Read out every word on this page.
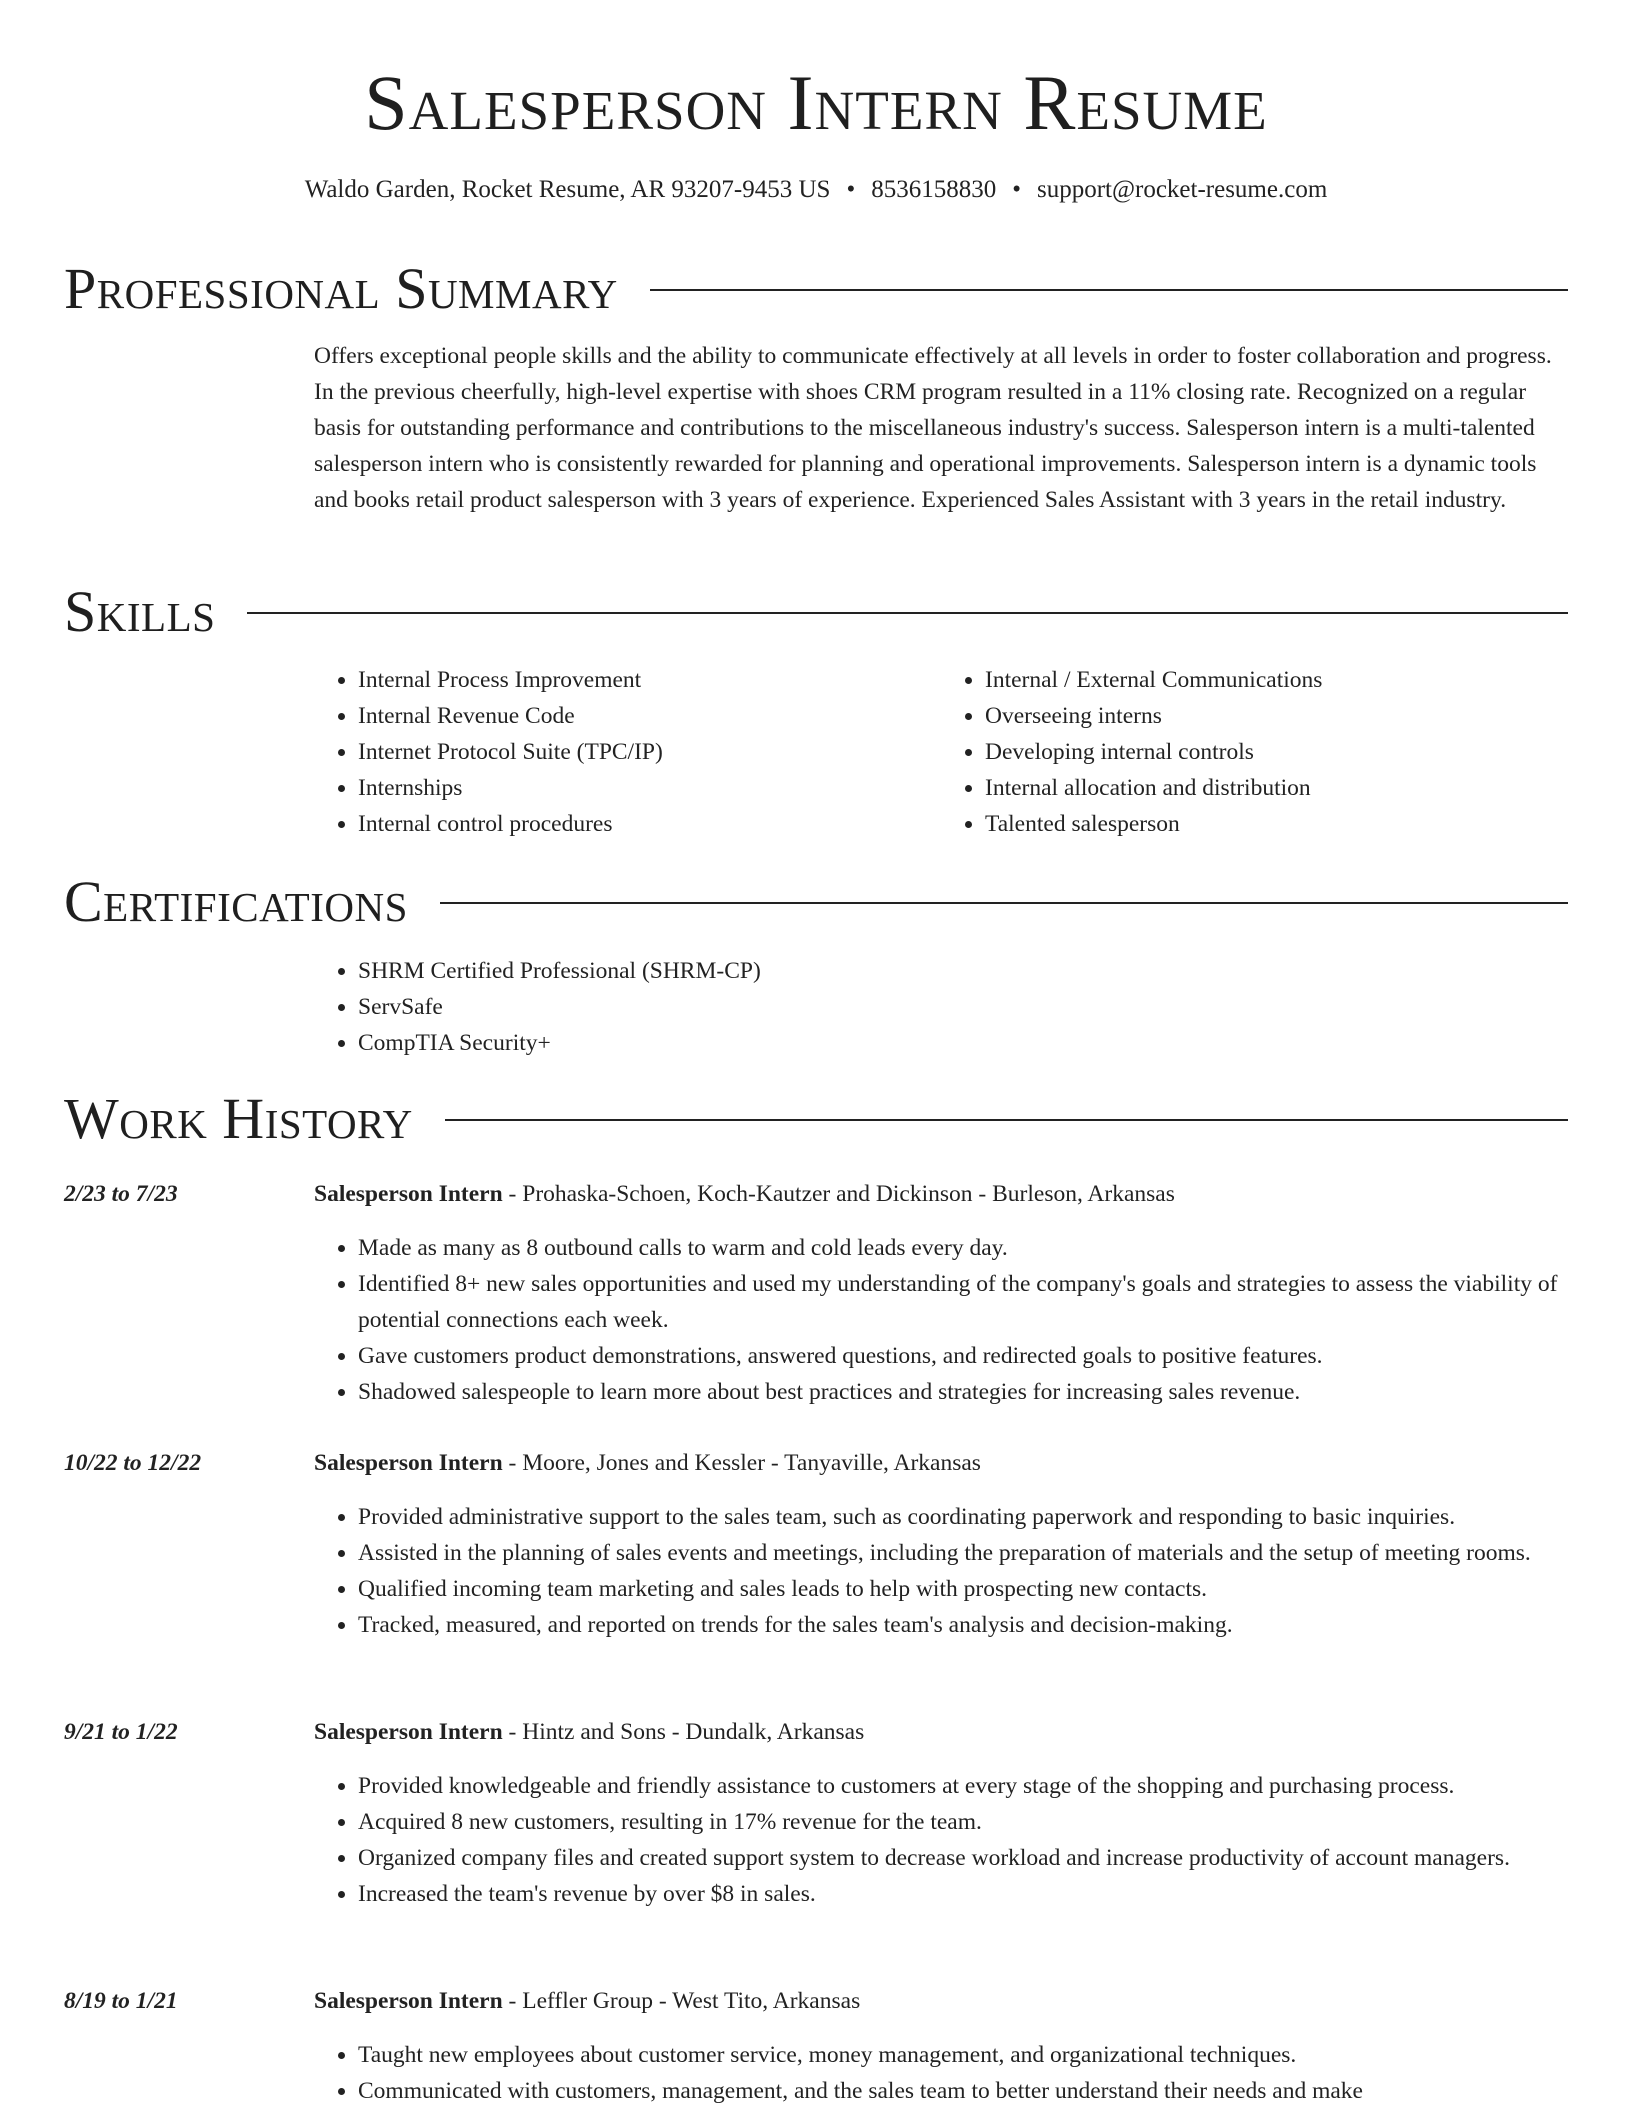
Salesperson Intern Resume
Waldo Garden, Rocket Resume, AR 93207-9453 US • 8536158830 • support@rocket-resume.com
Professional Summary
Offers exceptional people skills and the ability to communicate effectively at all levels in order to foster collaboration and progress. In the previous cheerfully, high-level expertise with shoes CRM program resulted in a 11% closing rate. Recognized on a regular basis for outstanding performance and contributions to the miscellaneous industry's success. Salesperson intern is a multi-talented salesperson intern who is consistently rewarded for planning and operational improvements. Salesperson intern is a dynamic tools and books retail product salesperson with 3 years of experience. Experienced Sales Assistant with 3 years in the retail industry.
Skills
• Internal Process Improvement
• Internal Revenue Code
• Internet Protocol Suite (TPC/IP)
• Internships
• Internal control procedures
• Internal / External Communications
• Overseeing interns
• Developing internal controls
• Internal allocation and distribution
• Talented salesperson
Certifications
• SHRM Certified Professional (SHRM-CP)
• ServSafe
• CompTIA Security+
Work History
2/23 to 7/23	Salesperson Intern - Prohaska-Schoen, Koch-Kautzer and Dickinson - Burleson, Arkansas
• Made as many as 8 outbound calls to warm and cold leads every day.
• Identified 8+ new sales opportunities and used my understanding of the company's goals and strategies to assess the viability of potential connections each week.
• Gave customers product demonstrations, answered questions, and redirected goals to positive features.
• Shadowed salespeople to learn more about best practices and strategies for increasing sales revenue.
10/22 to 12/22	Salesperson Intern - Moore, Jones and Kessler - Tanyaville, Arkansas
• Provided administrative support to the sales team, such as coordinating paperwork and responding to basic inquiries.
• Assisted in the planning of sales events and meetings, including the preparation of materials and the setup of meeting rooms.
• Qualified incoming team marketing and sales leads to help with prospecting new contacts.
• Tracked, measured, and reported on trends for the sales team's analysis and decision-making.
9/21 to 1/22	Salesperson Intern - Hintz and Sons - Dundalk, Arkansas
• Provided knowledgeable and friendly assistance to customers at every stage of the shopping and purchasing process.
• Acquired 8 new customers, resulting in 17% revenue for the team.
• Organized company files and created support system to decrease workload and increase productivity of account managers.
• Increased the team's revenue by over $8 in sales.
8/19 to 1/21	Salesperson Intern - Leffler Group - West Tito, Arkansas
• Taught new employees about customer service, money management, and organizational techniques.
• Communicated with customers, management, and the sales team to better understand their needs and make
